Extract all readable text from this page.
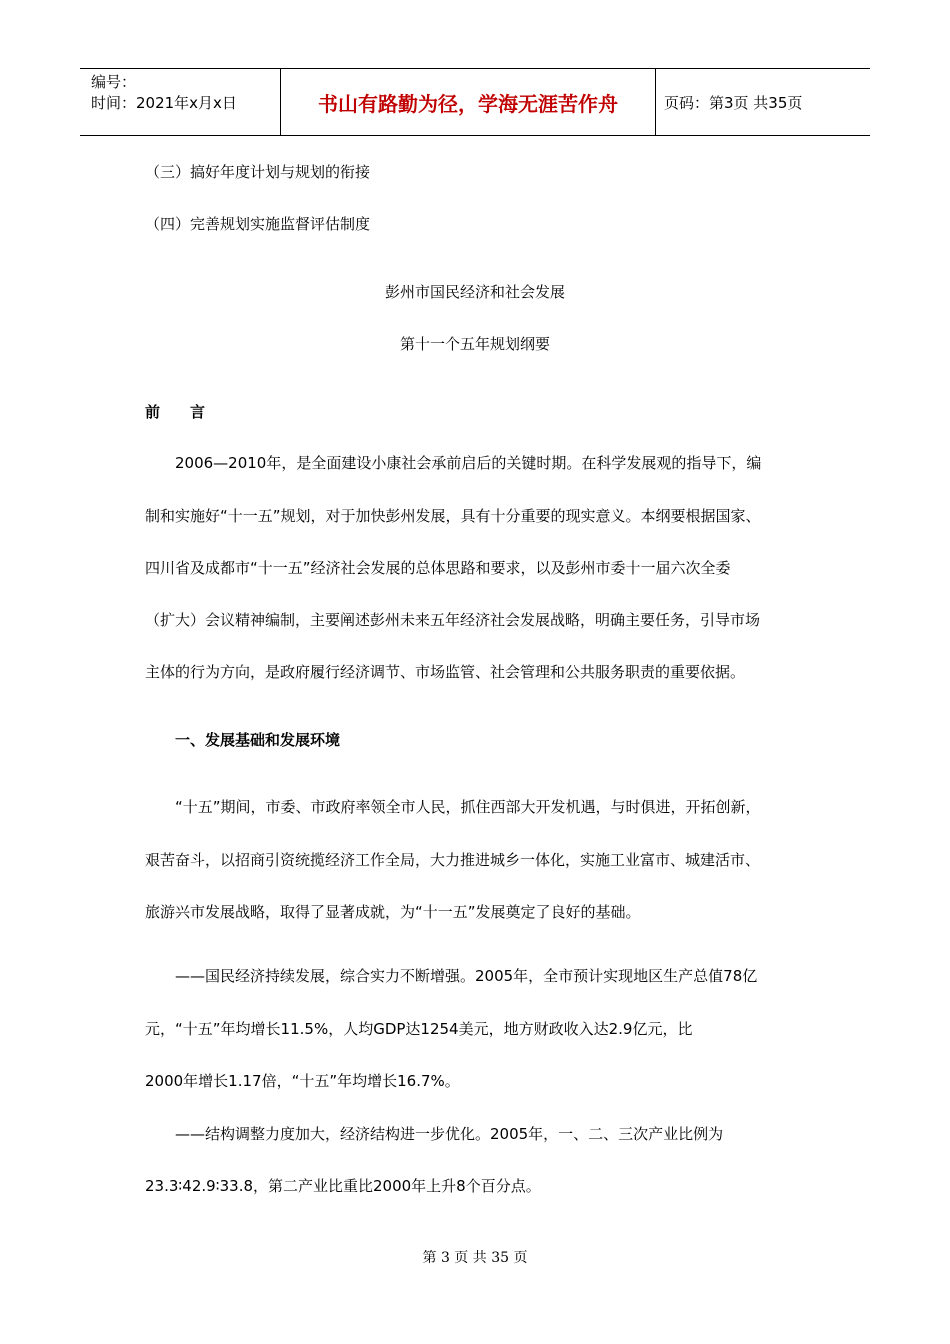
编号：
时间：2021年x月x日	书山有路勤为径，学海无涯苦作舟	页码：第3页 共35页
（三）搞好年度计划与规划的衔接
（四）完善规划实施监督评估制度
彭州市国民经济和社会发展
第十一个五年规划纲要
前　　言
2006—2010年，是全面建设小康社会承前启后的关键时期。在科学发展观的指导下，编
制和实施好“十一五”规划，对于加快彭州发展，具有十分重要的现实意义。本纲要根据国家、
四川省及成都市“十一五”经济社会发展的总体思路和要求，以及彭州市委十一届六次全委
（扩大）会议精神编制，主要阐述彭州未来五年经济社会发展战略，明确主要任务，引导市场
主体的行为方向，是政府履行经济调节、市场监管、社会管理和公共服务职责的重要依据。
一、发展基础和发展环境
“十五”期间，市委、市政府率领全市人民，抓住西部大开发机遇，与时俱进，开拓创新，
艰苦奋斗，以招商引资统揽经济工作全局，大力推进城乡一体化，实施工业富市、城建活市、
旅游兴市发展战略，取得了显著成就，为“十一五”发展奠定了良好的基础。
——国民经济持续发展，综合实力不断增强。2005年，全市预计实现地区生产总值78亿
元，“十五”年均增长11.5%，人均GDP达1254美元，地方财政收入达2.9亿元，比
2000年增长1.17倍，“十五”年均增长16.7%。
——结构调整力度加大，经济结构进一步优化。2005年，一、二、三次产业比例为
23.3∶42.9∶33.8，第二产业比重比2000年上升8个百分点。
第 3 页 共 35 页
